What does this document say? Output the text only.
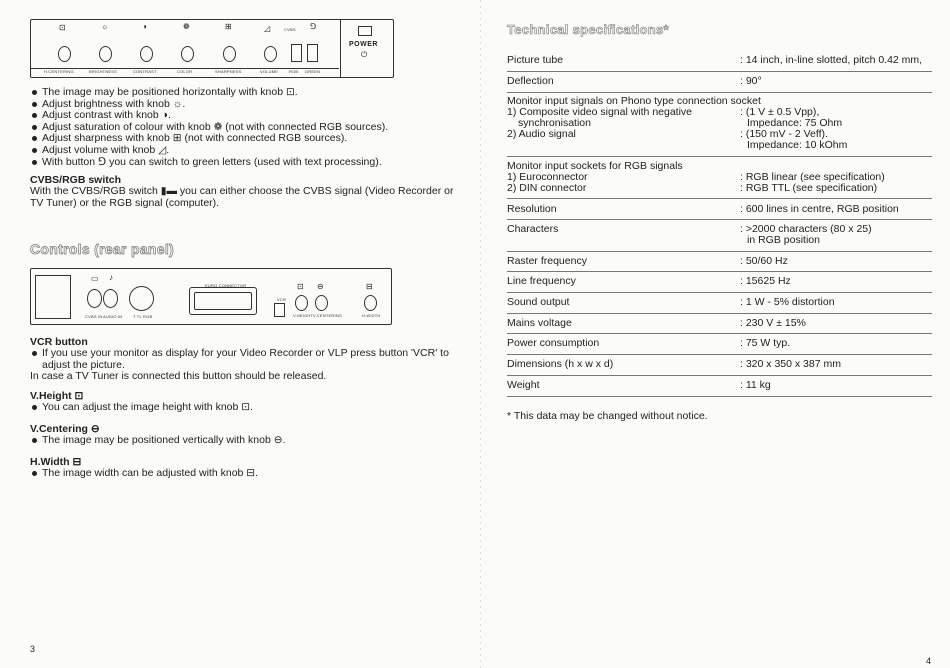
⊡	☼	◑	❁	⊞	◿	CVBS ⅁
H.CENTERING	BRIGHTNESS	CONTRAST	COLOR	SHARPNESS	VOLUME	RGB GREEN
POWER
⏻
The image may be positioned horizontally with knob ⊡.
Adjust brightness with knob ☼.
Adjust contrast with knob ◑.
Adjust saturation of colour with knob ❁ (not with connected RGB sources).
Adjust sharpness with knob ⊞ (not with connected RGB sources).
Adjust volume with knob ◿.
With button ⅁ you can switch to green letters (used with text processing).
CVBS/RGB switch
With the CVBS/RGB switch ▮▬ you can either choose the CVBS signal (Video Recorder or TV Tuner) or the RGB signal (computer).
Controls (rear panel)
▭ ♪
CVBS IN AUDIO IN	T TL RGB
EURO CONNECTOR
VCR
⊡ ⊖
V.HEIGHT V.CENTERING
⊟
H.WIDTH
VCR button
If you use your monitor as display for your Video Recorder or VLP press button 'VCR' to adjust the picture.
In case a TV Tuner is connected this button should be released.
V.Height ⊡
You can adjust the image height with knob ⊡.
V.Centering ⊖
The image may be positioned vertically with knob ⊖.
H.Width ⊟
The image width can be adjusted with knob ⊟.
3
Technical specifications*
Picture tube	: 14 inch, in-line slotted, pitch 0.42 mm,
Deflection	: 90°
Monitor input signals on Phono type connection socket
1) Composite video signal with negative	: (1 V ± 0.5 Vpp),
synchronisation	Impedance: 75 Ohm
2) Audio signal	: (150 mV - 2 Veff).
Impedance: 10 kOhm
Monitor input sockets for RGB signals
1) Euroconnector	: RGB linear (see specification)
2) DIN connector	: RGB TTL (see specification)
Resolution	: 600 lines in centre, RGB position
Characters	: >2000 characters (80 x 25)
in RGB position
Raster frequency	: 50/60 Hz
Line frequency	: 15625 Hz
Sound output	: 1 W - 5% distortion
Mains voltage	: 230 V ± 15%
Power consumption	: 75 W typ.
Dimensions (h x w x d)	: 320 x 350 x 387 mm
Weight	: 11 kg
* This data may be changed without notice.
4
